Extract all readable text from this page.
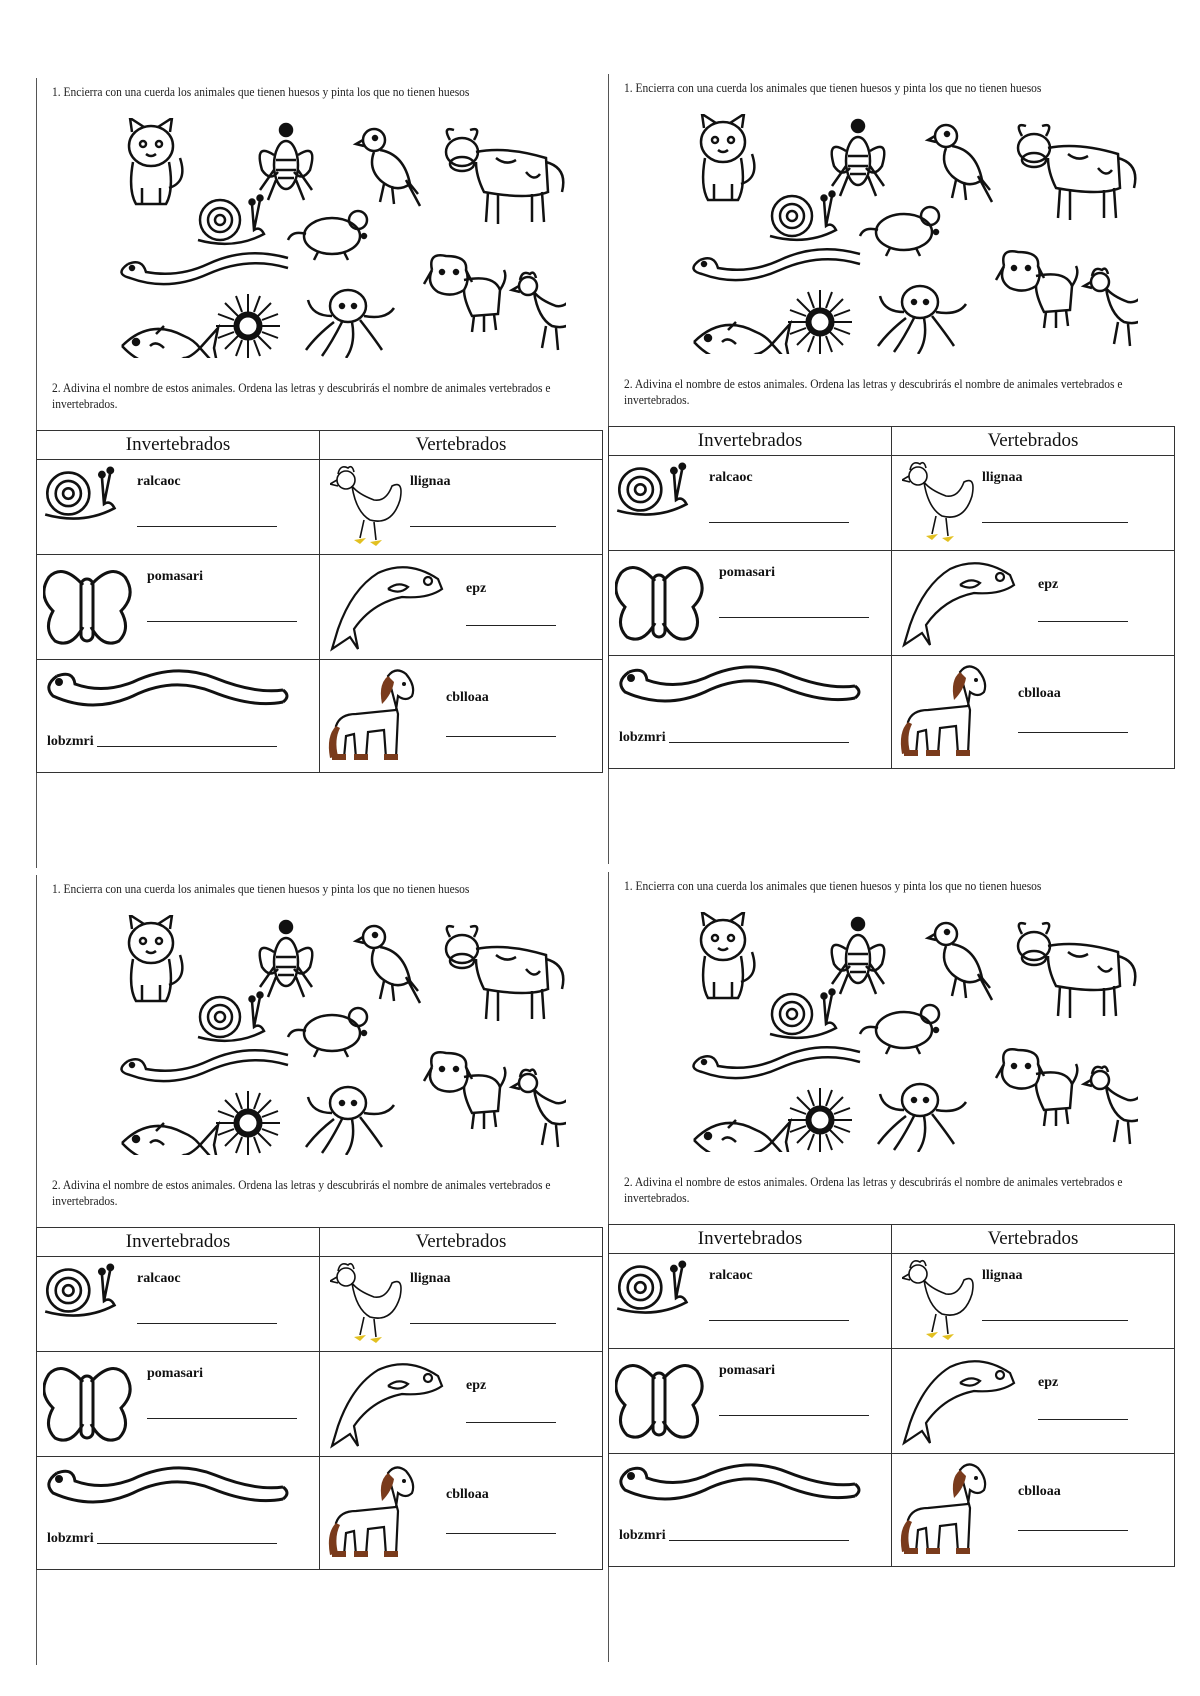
1. Encierra con una cuerda los animales que tienen huesos y pinta los que no tienen huesos
2. Adivina el nombre de estos animales. Ordena las letras y descubrirás el nombre de animales vertebrados e invertebrados.
Invertebrados	Vertebrados

ralcaoc	llignaa

pomasari	epz

lobzmri	cblloaa
1. Encierra con una cuerda los animales que tienen huesos y pinta los que no tienen huesos
2. Adivina el nombre de estos animales. Ordena las letras y descubrirás el nombre de animales vertebrados e invertebrados.
Invertebrados	Vertebrados

ralcaoc	llignaa

pomasari	epz

lobzmri	cblloaa
1. Encierra con una cuerda los animales que tienen huesos y pinta los que no tienen huesos
2. Adivina el nombre de estos animales. Ordena las letras y descubrirás el nombre de animales vertebrados e invertebrados.
Invertebrados	Vertebrados

ralcaoc	llignaa

pomasari	epz

lobzmri	cblloaa
1. Encierra con una cuerda los animales que tienen huesos y pinta los que no tienen huesos
2. Adivina el nombre de estos animales. Ordena las letras y descubrirás el nombre de animales vertebrados e invertebrados.
Invertebrados	Vertebrados

ralcaoc	llignaa

pomasari	epz

lobzmri	cblloaa
